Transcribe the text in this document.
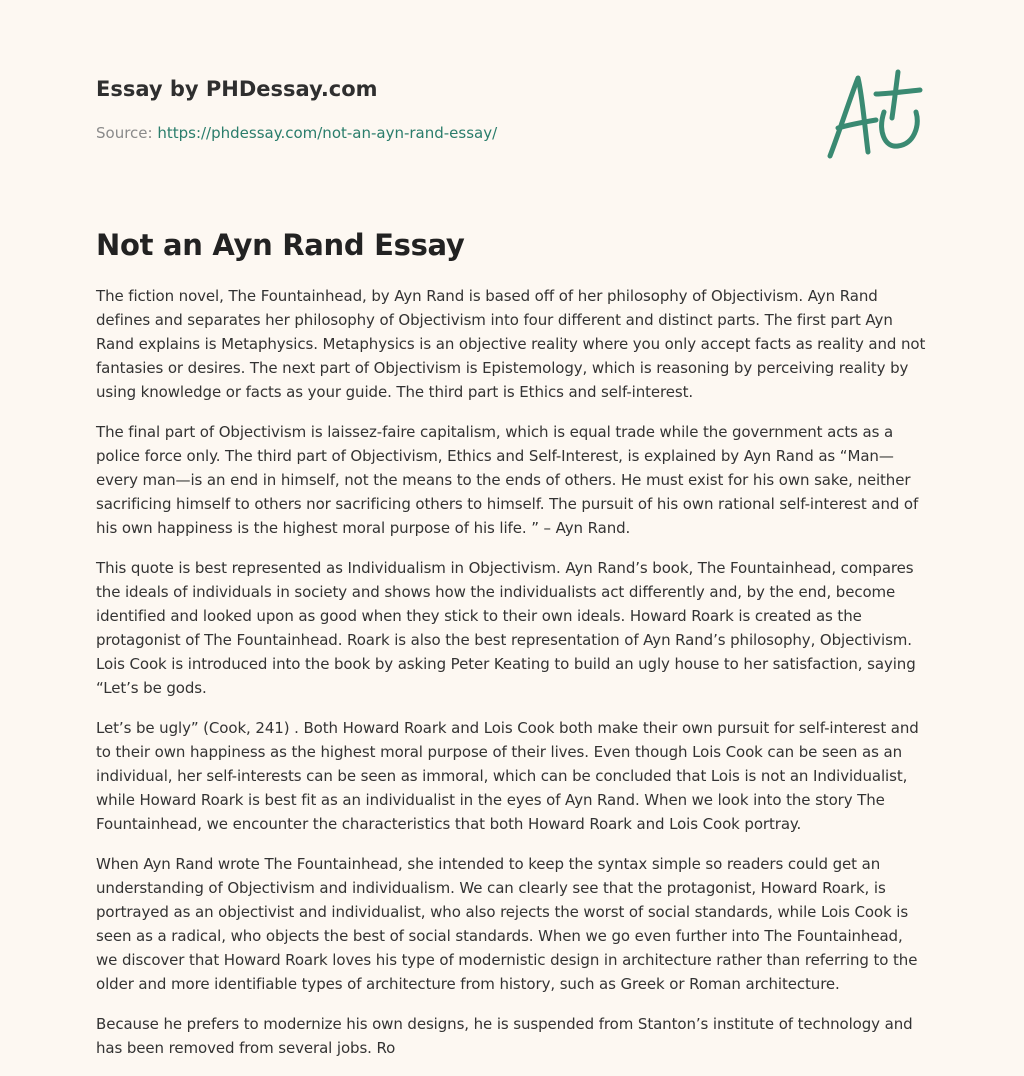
Essay by PHDessay.com
Source: https://phdessay.com/not-an-ayn-rand-essay/
Not an Ayn Rand Essay

The fiction novel, The Fountainhead, by Ayn Rand is based off of her philosophy of Objectivism. Ayn Rand defines and separates her philosophy of Objectivism into four different and distinct parts. The first part Ayn Rand explains is Metaphysics. Metaphysics is an objective reality where you only accept facts as reality and not fantasies or desires. The next part of Objectivism is Epistemology, which is reasoning by perceiving reality by using knowledge or facts as your guide. The third part is Ethics and self-interest.

The final part of Objectivism is laissez-faire capitalism, which is equal trade while the government acts as a police force only. The third part of Objectivism, Ethics and Self-Interest, is explained by Ayn Rand as “Man—every man—is an end in himself, not the means to the ends of others. He must exist for his own sake, neither sacrificing himself to others nor sacrificing others to himself. The pursuit of his own rational self-interest and of his own happiness is the highest moral purpose of his life. ” – Ayn Rand.

This quote is best represented as Individualism in Objectivism. Ayn Rand’s book, The Fountainhead, compares the ideals of individuals in society and shows how the individualists act differently and, by the end, become identified and looked upon as good when they stick to their own ideals. Howard Roark is created as the protagonist of The Fountainhead. Roark is also the best representation of Ayn Rand’s philosophy, Objectivism. Lois Cook is introduced into the book by asking Peter Keating to build an ugly house to her satisfaction, saying “Let’s be gods.

Let’s be ugly” (Cook, 241) . Both Howard Roark and Lois Cook both make their own pursuit for self-interest and to their own happiness as the highest moral purpose of their lives. Even though Lois Cook can be seen as an individual, her self-interests can be seen as immoral, which can be concluded that Lois is not an Individualist, while Howard Roark is best fit as an individualist in the eyes of Ayn Rand. When we look into the story The Fountainhead, we encounter the characteristics that both Howard Roark and Lois Cook portray.

When Ayn Rand wrote The Fountainhead, she intended to keep the syntax simple so readers could get an understanding of Objectivism and individualism. We can clearly see that the protagonist, Howard Roark, is portrayed as an objectivist and individualist, who also rejects the worst of social standards, while Lois Cook is seen as a radical, who objects the best of social standards. When we go even further into The Fountainhead, we discover that Howard Roark loves his type of modernistic design in architecture rather than referring to the older and more identifiable types of architecture from history, such as Greek or Roman architecture.

Because he prefers to modernize his own designs, he is suspended from Stanton’s institute of technology and has been removed from several jobs. Ro
